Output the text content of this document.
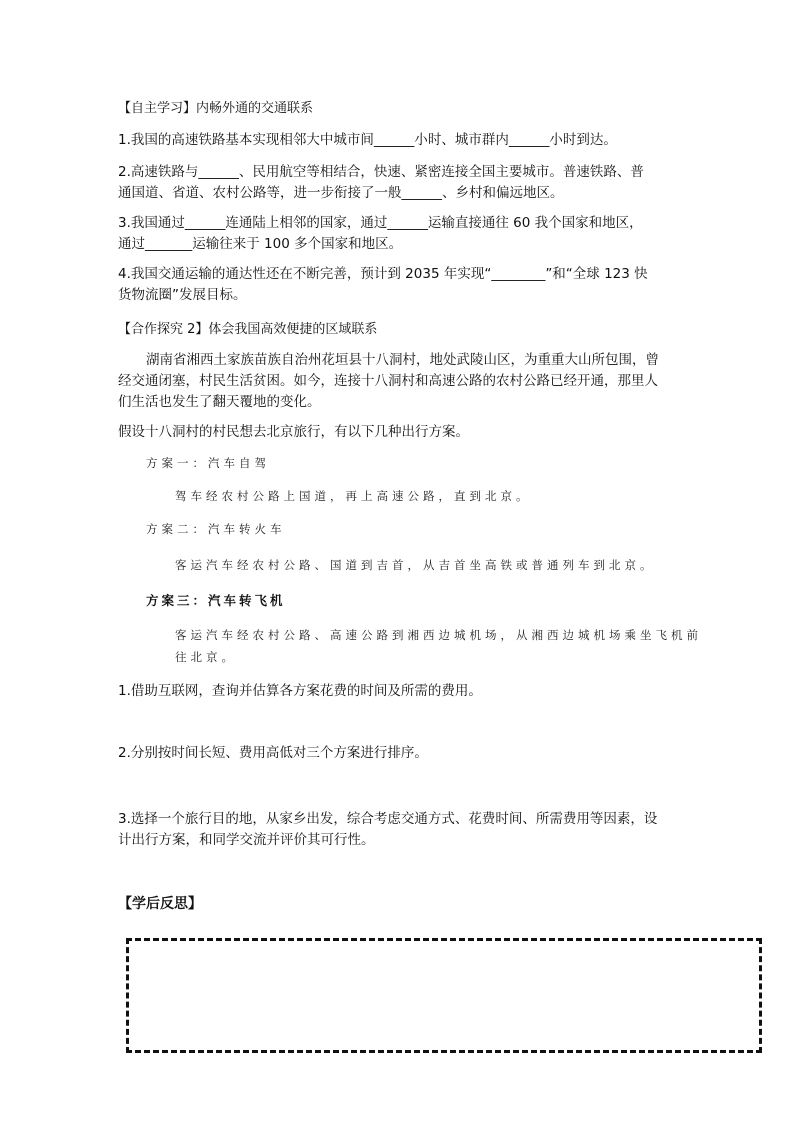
【自主学习】内畅外通的交通联系
1.我国的高速铁路基本实现相邻大中城市间______小时、城市群内______小时到达。
2.高速铁路与______、民用航空等相结合，快速、紧密连接全国主要城市。普速铁路、普
通国道、省道、农村公路等，进一步衔接了一般______、乡村和偏远地区。
3.我国通过______连通陆上相邻的国家，通过______运输直接通往 60 我个国家和地区，
通过_______运输往来于 100 多个国家和地区。
4.我国交通运输的通达性还在不断完善，预计到 2035 年实现“________”和“全球 123 快
货物流圈”发展目标。
【合作探究 2】体会我国高效便捷的区域联系
湖南省湘西土家族苗族自治州花垣县十八洞村，地处武陵山区，为重重大山所包围，曾
经交通闭塞，村民生活贫困。如今，连接十八洞村和高速公路的农村公路已经开通，那里人
们生活也发生了翻天覆地的变化。
假设十八洞村的村民想去北京旅行，有以下几种出行方案。
方案一：汽车自驾
驾车经农村公路上国道，再上高速公路，直到北京。
方案二：汽车转火车
客运汽车经农村公路、国道到吉首，从吉首坐高铁或普通列车到北京。
方案三：汽车转飞机
客运汽车经农村公路、高速公路到湘西边城机场，从湘西边城机场乘坐飞机前
往北京。
1.借助互联网，查询并估算各方案花费的时间及所需的费用。
2.分别按时间长短、费用高低对三个方案进行排序。
3.选择一个旅行目的地，从家乡出发，综合考虑交通方式、花费时间、所需费用等因素，设
计出行方案，和同学交流并评价其可行性。
【学后反思】
